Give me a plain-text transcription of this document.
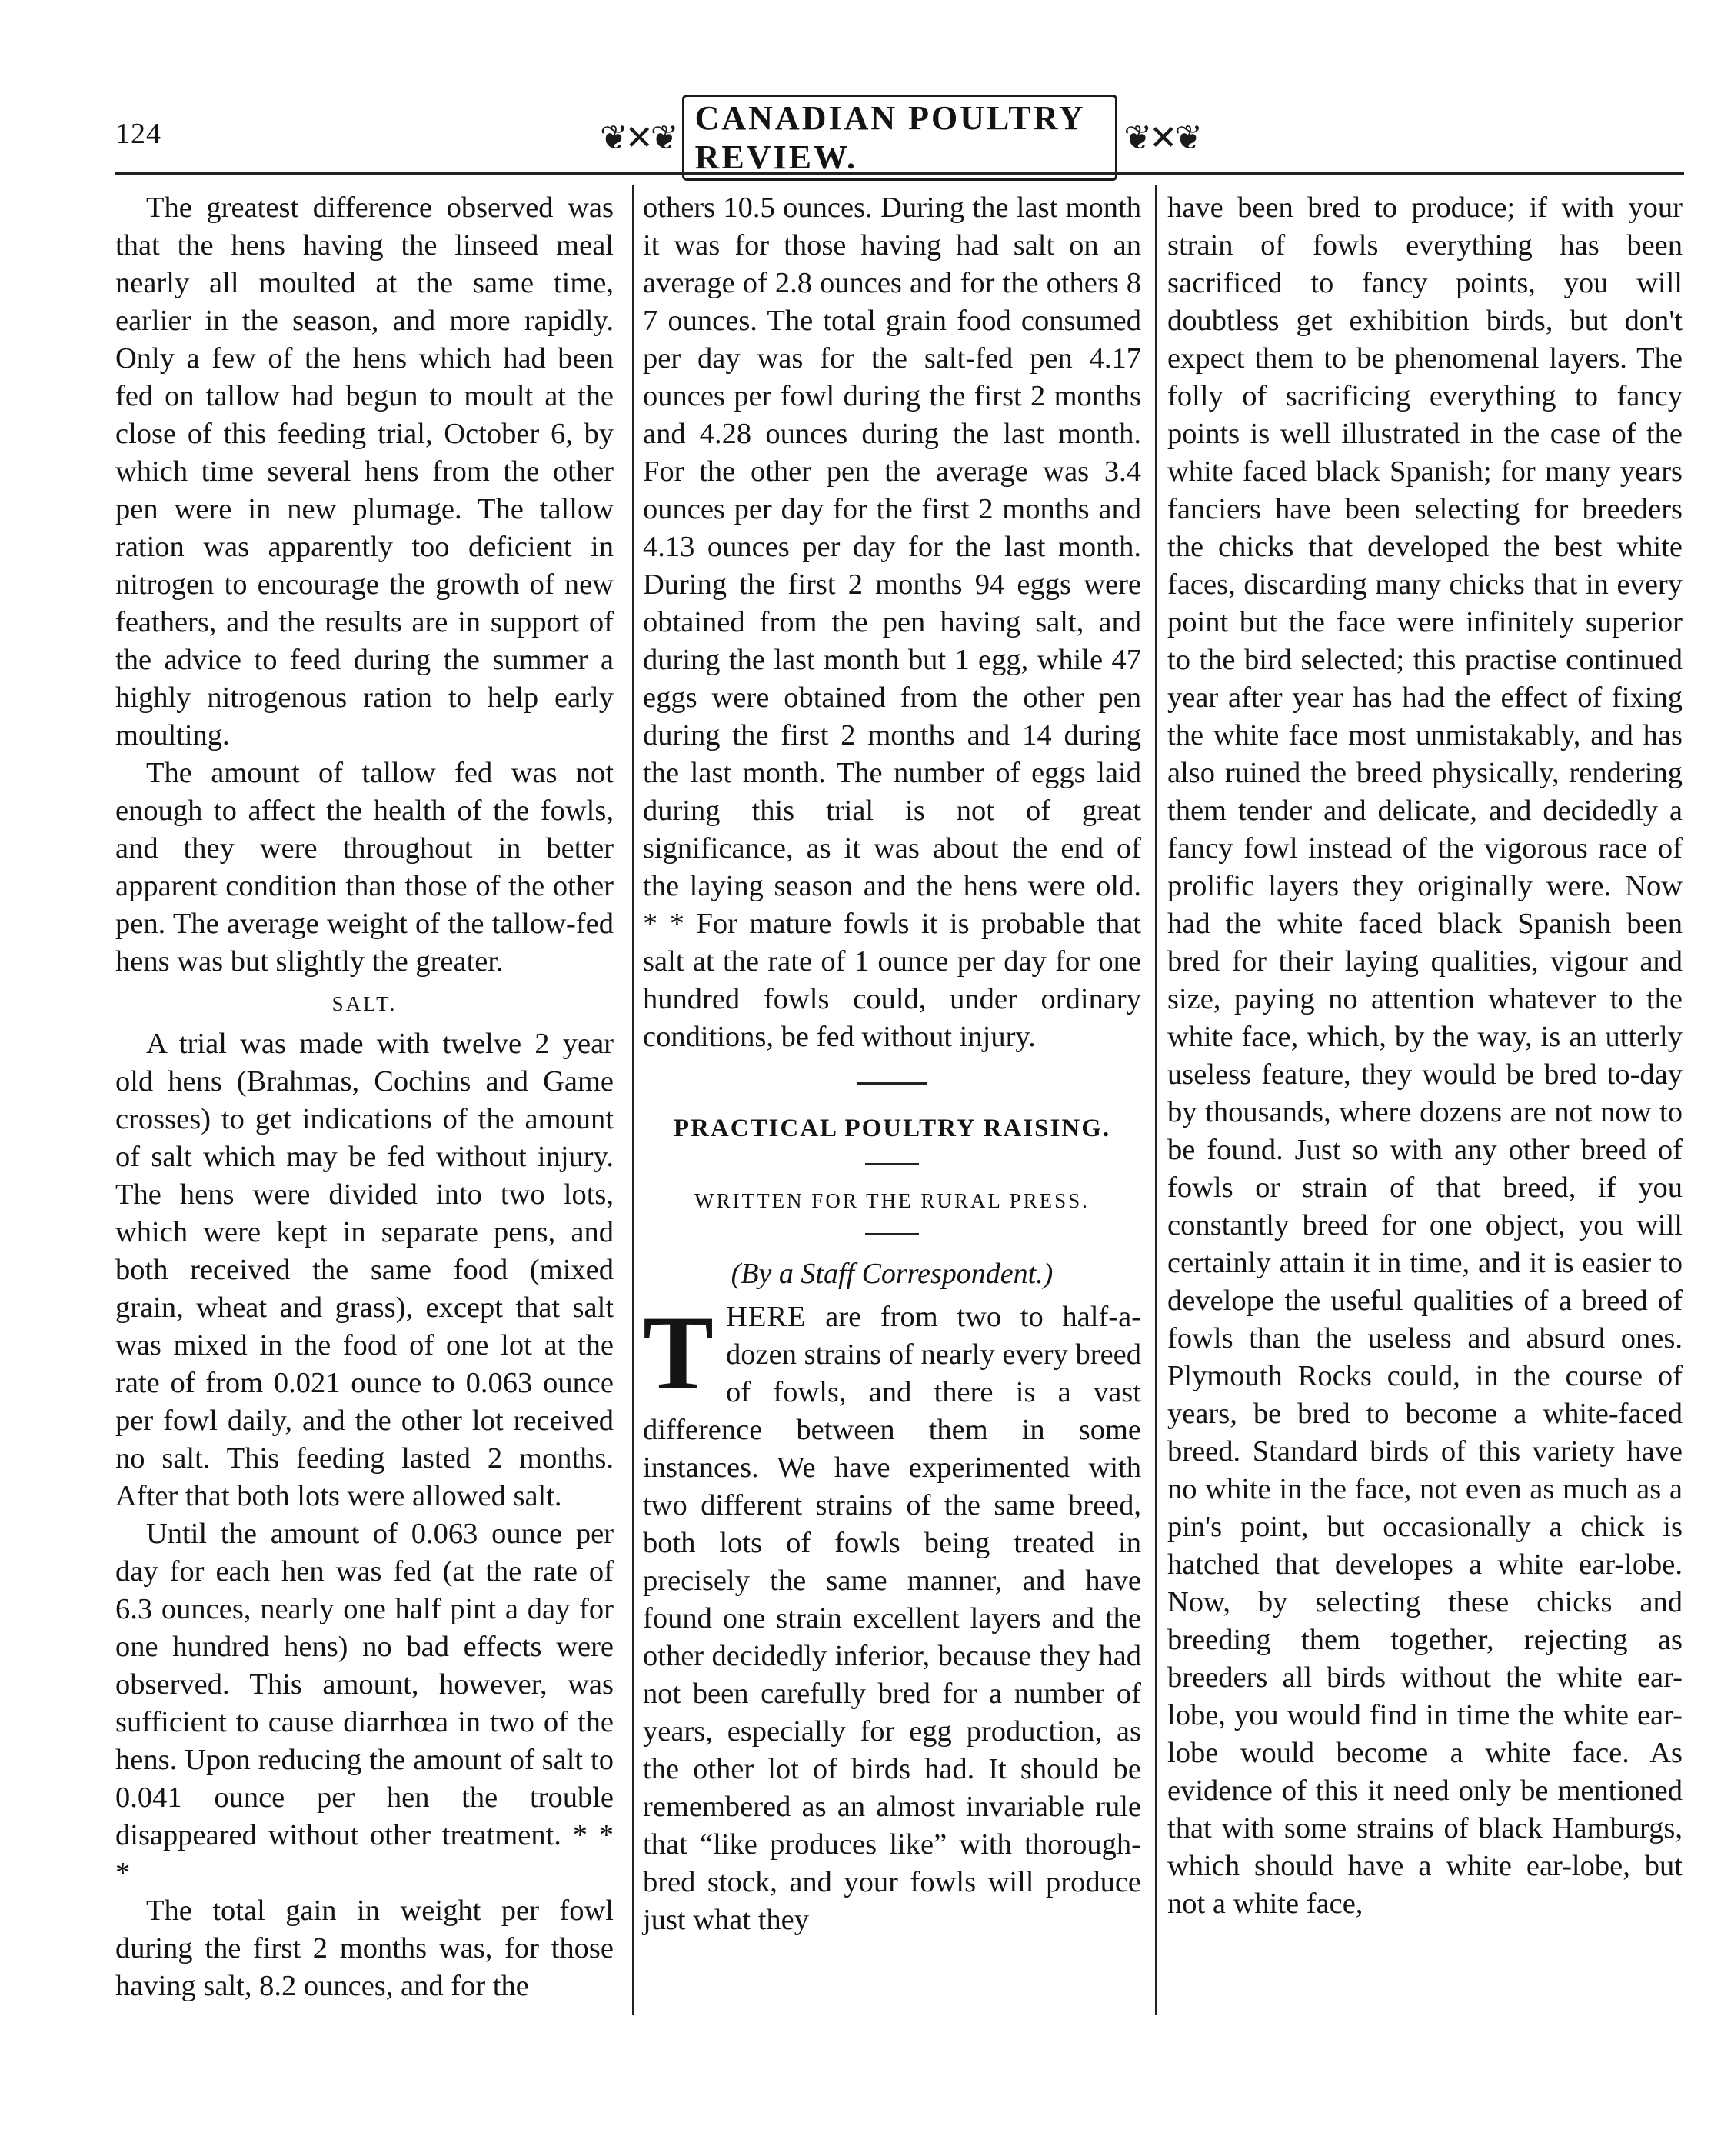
124	❦✕❦
CANADIAN POULTRY REVIEW.
❦✕❦

The greatest difference observed was that the hens having the linseed meal nearly all moulted at the same time, earlier in the season, and more rapidly. Only a few of the hens which had been fed on tallow had begun to moult at the close of this feeding trial, October 6, by which time several hens from the other pen were in new plumage. The tallow ration was apparently too deficient in nitrogen to encourage the growth of new feathers, and the results are in support of the advice to feed during the summer a highly nitrogenous ration to help early moulting.

The amount of tallow fed was not enough to affect the health of the fowls, and they were throughout in better apparent condition than those of the other pen. The average weight of the tallow-fed hens was but slightly the greater.

SALT.

A trial was made with twelve 2 year old hens (Brahmas, Cochins and Game crosses) to get indications of the amount of salt which may be fed without injury. The hens were divided into two lots, which were kept in separate pens, and both received the same food (mixed grain, wheat and grass), except that salt was mixed in the food of one lot at the rate of from 0.021 ounce to 0.063 ounce per fowl daily, and the other lot received no salt. This feeding lasted 2 months. After that both lots were allowed salt.

Until the amount of 0.063 ounce per day for each hen was fed (at the rate of 6.3 ounces, nearly one half pint a day for one hundred hens) no bad effects were observed. This amount, however, was sufficient to cause diarrhœa in two of the hens. Upon reducing the amount of salt to 0.041 ounce per hen the trouble disappeared without other treatment. * * *

The total gain in weight per fowl during the first 2 months was, for those having salt, 8.2 ounces, and for the

others 10.5 ounces. During the last month it was for those having had salt on an average of 2.8 ounces and for the others 8 7 ounces. The total grain food consumed per day was for the salt-fed pen 4.17 ounces per fowl during the first 2 months and 4.28 ounces during the last month. For the other pen the average was 3.4 ounces per day for the first 2 months and 4.13 ounces per day for the last month. During the first 2 months 94 eggs were obtained from the pen having salt, and during the last month but 1 egg, while 47 eggs were obtained from the other pen during the first 2 months and 14 during the last month. The number of eggs laid during this trial is not of great significance, as it was about the end of the laying season and the hens were old. * * For mature fowls it is probable that salt at the rate of 1 ounce per day for one hundred fowls could, under ordinary conditions, be fed without injury.

PRACTICAL POULTRY RAISING.
WRITTEN FOR THE RURAL PRESS.
(By a Staff Correspondent.)

THERE are from two to half-a-dozen strains of nearly every breed of fowls, and there is a vast difference between them in some instances. We have experimented with two different strains of the same breed, both lots of fowls being treated in precisely the same manner, and have found one strain excellent layers and the other decidedly inferior, because they had not been carefully bred for a number of years, especially for egg production, as the other lot of birds had. It should be remembered as an almost invariable rule that “like produces like” with thorough-bred stock, and your fowls will produce just what they

have been bred to produce; if with your strain of fowls everything has been sacrificed to fancy points, you will doubtless get exhibition birds, but don't expect them to be phenomenal layers. The folly of sacrificing everything to fancy points is well illustrated in the case of the white faced black Spanish; for many years fanciers have been selecting for breeders the chicks that developed the best white faces, discarding many chicks that in every point but the face were infinitely superior to the bird selected; this practise continued year after year has had the effect of fixing the white face most unmistakably, and has also ruined the breed physically, rendering them tender and delicate, and decidedly a fancy fowl instead of the vigorous race of prolific layers they originally were. Now had the white faced black Spanish been bred for their laying qualities, vigour and size, paying no attention whatever to the white face, which, by the way, is an utterly useless feature, they would be bred to-day by thousands, where dozens are not now to be found. Just so with any other breed of fowls or strain of that breed, if you constantly breed for one object, you will certainly attain it in time, and it is easier to develope the useful qualities of a breed of fowls than the useless and absurd ones. Plymouth Rocks could, in the course of years, be bred to become a white-faced breed. Standard birds of this variety have no white in the face, not even as much as a pin's point, but occasionally a chick is hatched that developes a white ear-lobe. Now, by selecting these chicks and breeding them together, rejecting as breeders all birds without the white ear-lobe, you would find in time the white ear-lobe would become a white face. As evidence of this it need only be mentioned that with some strains of black Hamburgs, which should have a white ear-lobe, but not a white face,
